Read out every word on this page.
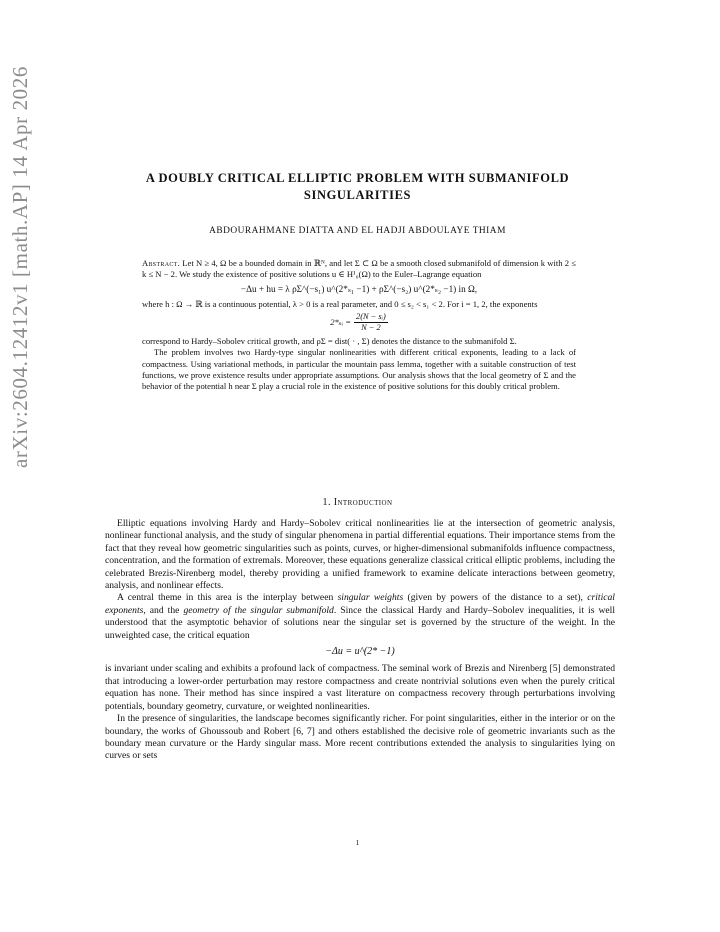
arXiv:2604.12412v1 [math.AP] 14 Apr 2026	A DOUBLY CRITICAL ELLIPTIC PROBLEM WITH SUBMANIFOLD SINGULARITIES
ABDOURAHMANE DIATTA AND EL HADJI ABDOULAYE THIAM

Abstract. Let N ≥ 4, Ω be a bounded domain in ℝᴺ, and let Σ ⊂ Ω be a smooth closed submanifold of dimension k with 2 ≤ k ≤ N − 2. We study the existence of positive solutions u ∈ H¹₀(Ω) to the Euler–Lagrange equation

−Δu + hu = λ ρΣ^(−s₁) u^(2*ₛ₁ −1) + ρΣ^(−s₂) u^(2*ₛ₂ −1) in Ω,

where h : Ω → ℝ is a continuous potential, λ > 0 is a real parameter, and 0 ≤ s₂ < s₁ < 2. For i = 1, 2, the exponents

2*ₛᵢ = $\frac{\text{2(N − sᵢ)}}{N - 2}$

correspond to Hardy–Sobolev critical growth, and ρΣ = dist( · , Σ) denotes the distance to the submanifold Σ.

The problem involves two Hardy-type singular nonlinearities with different critical exponents, leading to a lack of compactness. Using variational methods, in particular the mountain pass lemma, together with a suitable construction of test functions, we prove existence results under appropriate assumptions. Our analysis shows that the local geometry of Σ and the behavior of the potential h near Σ play a crucial role in the existence of positive solutions for this doubly critical problem.

1. Introduction

Elliptic equations involving Hardy and Hardy–Sobolev critical nonlinearities lie at the intersection of geometric analysis, nonlinear functional analysis, and the study of singular phenomena in partial differential equations. Their importance stems from the fact that they reveal how geometric singularities such as points, curves, or higher-dimensional submanifolds influence compactness, concentration, and the formation of extremals. Moreover, these equations generalize classical critical elliptic problems, including the celebrated Brezis-Nirenberg model, thereby providing a unified framework to examine delicate interactions between geometry, analysis, and nonlinear effects.

A central theme in this area is the interplay between singular weights (given by powers of the distance to a set), critical exponents, and the geometry of the singular submanifold. Since the classical Hardy and Hardy–Sobolev inequalities, it is well understood that the asymptotic behavior of solutions near the singular set is governed by the structure of the weight. In the unweighted case, the critical equation

−Δu = u^(2* −1)

is invariant under scaling and exhibits a profound lack of compactness. The seminal work of Brezis and Nirenberg [5] demonstrated that introducing a lower-order perturbation may restore compactness and create nontrivial solutions even when the purely critical equation has none. Their method has since inspired a vast literature on compactness recovery through perturbations involving potentials, boundary geometry, curvature, or weighted nonlinearities.

In the presence of singularities, the landscape becomes significantly richer. For point singularities, either in the interior or on the boundary, the works of Ghoussoub and Robert [6, 7] and others established the decisive role of geometric invariants such as the boundary mean curvature or the Hardy singular mass. More recent contributions extended the analysis to singularities lying on curves or sets

1
